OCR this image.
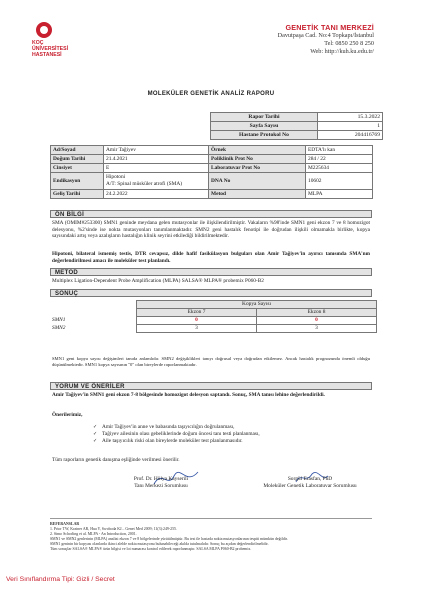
KOÇ
ÜNİVERSİTESİ
HASTANESİ
GENETİK TANI MERKEZİ
Davutpaşa Cad. No:4 Topkapı/İstanbul
Tel: 0850 250 8 250
Web: http://kuh.ku.edu.tr/
MOLEKÜLER GENETİK ANALİZ RAPORU
Rapor Tarihi	15.3.2022
Sayfa Sayısı	1
Hastane Protokol No	204416769
Ad/Soyad	Amir Tağiyev	Örnek	EDTA'lı kan
Doğum Tarihi	21.4.2021	Poliklinik Prot No	284 / 22
Cinsiyet	E	Laboratuvar Prot No	M225634
Endikasyon	Hipotoni
A/T: Spinal müsküler atrofi (SMA)	DNA No	10602
Geliş Tarihi	24.2.2022	Metod	MLPA
ÖN BİLGİ
SMA (OMIM#253300) SMN1 geninde meydana gelen mutasyonlar ile ilişkilendirilmiştir. Vakaların %98'inde SMN1 geni ekzon 7 ve 8 homozigot delesyonu, %2'sinde ise nokta mutasyonları tanımlanmaktadır. SMN2 geni hastalık fenotipi ile doğrudan ilişkili olmamakla birlikte, kopya sayısındaki artış veya azalışların hastalığın klinik seyrini etkilediği bildirilmektedir.
Hipotoni, bilateral ismemiş testis, DTR cevapsız, dilde hafif fasikülasyon bulguları olan Amir Tağiyev'in ayırıcı tanısında SMA'nın değerlendirilmesi amacı ile moleküler test planlandı.
METOD
Multiplex Ligation-Dependent Probe Amplification (MLPA) SALSA® MLPA® probemix P060-B2
SONUÇ
	Kopya Sayısı	
	Ekzon 7	Ekzon 8
SMN1	0	0
SMN2	3	3
SMN1 geni kopya sayısı değişimleri tanıda anlamlıdır. SMN2 değişiklikleri tanıyı doğrusal veya doğrudan etkilemez. Ancak hastalık prognozunda önemli olduğu düşünülmektedir. SMN1 kopya sayısının "0" olan bireylerde raporlanmaktadır.
YORUM VE ÖNERİLER
Amir Tağiyev'in SMN1 geni ekzon 7-8 bölgesinde homozigot delesyon saptandı. Sonuç, SMA tanısı lehine değerlendirildi.
Önerilerimiz,
✓ Amir Tağiyev'in anne ve babasında taşıyıcılığın doğrulanması,
✓ Tağiyev ailesinin olası gebeliklerinde doğum öncesi tanı testi planlanması,
✓ Aile taşıyıcılık riski olan bireylerde moleküler test planlanmasıdır.
Tüm raporların genetik danışma eşliğinde verilmesi önerilir.
Prof. Dr. Hülya Kayserili
Tanı Merkezi Sorumlusu
Sorgül Erasfan, PhD
Moleküler Genetik Laboratuvar Sorumlusu
REFERANSLAR
1. Prior TW, Krainer AR, Hua Y, Swoboda KJ... Genet Med 2009; 11(3):249-255.
2. Simo Schorling et al. MLPA - An Introduction, 2001.
SMN1 ve SMN2 genlerinin (MLPA) analizi ekzon 7 ve 8 bölgelerinde yürütülmüştür. Bu test ile hastada nokta mutasyonlarının tespiti mümkün değildir.
SMN1 geninin bir kopyası olanlarda ikinci alelde nokta mutasyonu bulunabileceği akılda tutulmalıdır. Sonuç bu açıdan değerlendirilmelidir.
Tüm sonuçlar SALSA® MLPA® ürün bilgisi ve lot numarası kontrol edilerek raporlanmıştır. SALSA MLPA P060-B2 probemix.
Veri Sınıflandırma Tipi: Gizli / Secret
